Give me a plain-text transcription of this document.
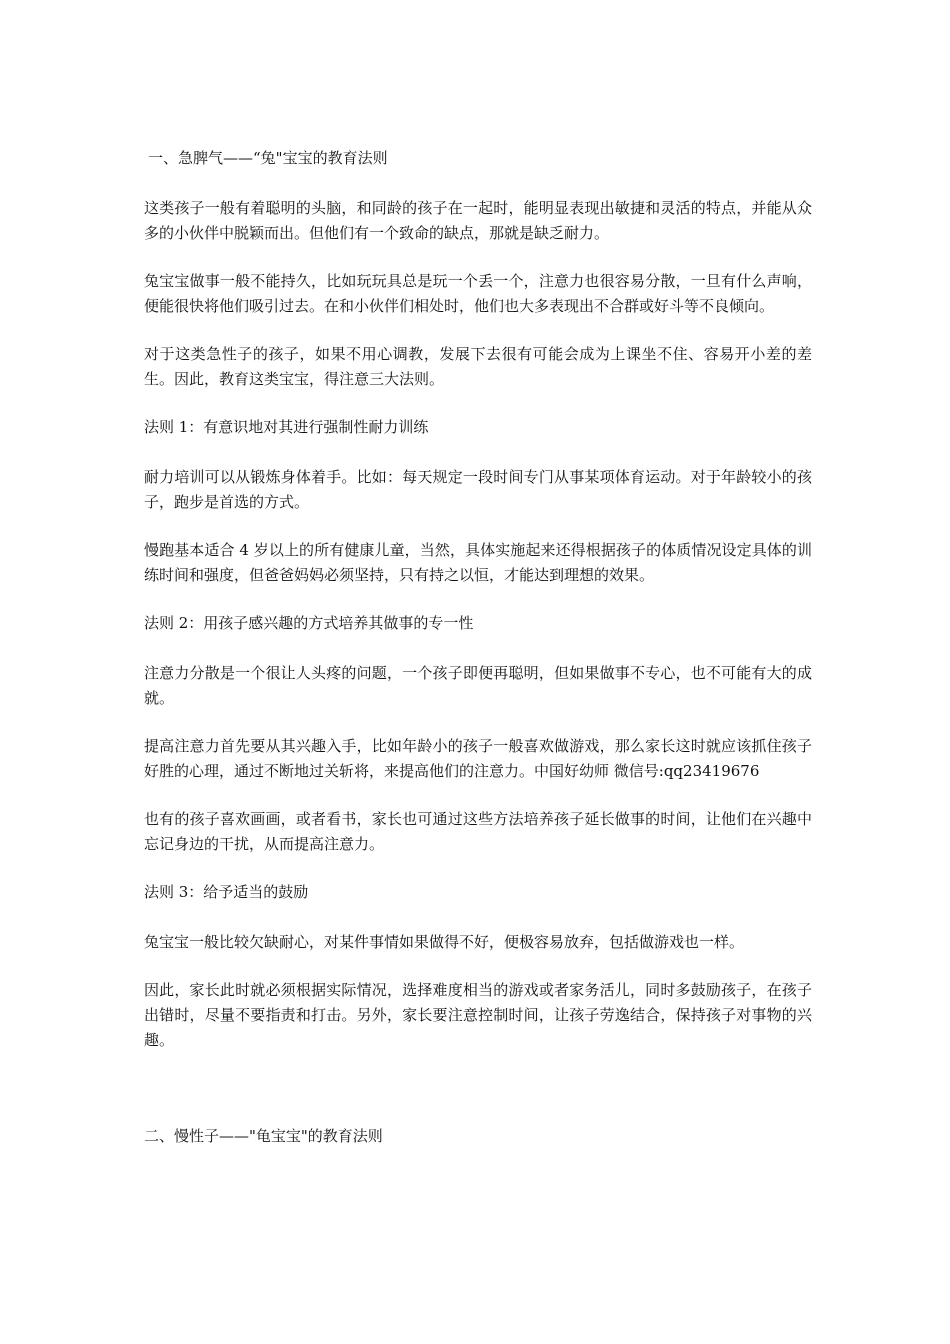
一、急脾气——“兔"宝宝的教育法则

这类孩子一般有着聪明的头脑，和同龄的孩子在一起时，能明显表现出敏捷和灵活的特点，并能从众多的小伙伴中脱颖而出。但他们有一个致命的缺点，那就是缺乏耐力。

兔宝宝做事一般不能持久，比如玩玩具总是玩一个丢一个，注意力也很容易分散，一旦有什么声响，便能很快将他们吸引过去。在和小伙伴们相处时，他们也大多表现出不合群或好斗等不良倾向。

对于这类急性子的孩子，如果不用心调教，发展下去很有可能会成为上课坐不住、容易开小差的差生。因此，教育这类宝宝，得注意三大法则。

法则 1：有意识地对其进行强制性耐力训练

耐力培训可以从锻炼身体着手。比如：每天规定一段时间专门从事某项体育运动。对于年龄较小的孩子，跑步是首选的方式。

慢跑基本适合 4 岁以上的所有健康儿童，当然，具体实施起来还得根据孩子的体质情况设定具体的训练时间和强度，但爸爸妈妈必须坚持，只有持之以恒，才能达到理想的效果。

法则 2：用孩子感兴趣的方式培养其做事的专一性

注意力分散是一个很让人头疼的问题，一个孩子即便再聪明，但如果做事不专心，也不可能有大的成就。

提高注意力首先要从其兴趣入手，比如年龄小的孩子一般喜欢做游戏，那么家长这时就应该抓住孩子好胜的心理，通过不断地过关斩将，来提高他们的注意力。中国好幼师 微信号:qq23419676

也有的孩子喜欢画画，或者看书，家长也可通过这些方法培养孩子延长做事的时间，让他们在兴趣中忘记身边的干扰，从而提高注意力。

法则 3：给予适当的鼓励

兔宝宝一般比较欠缺耐心，对某件事情如果做得不好，便极容易放弃，包括做游戏也一样。

因此，家长此时就必须根据实际情况，选择难度相当的游戏或者家务活儿，同时多鼓励孩子，在孩子出错时，尽量不要指责和打击。另外，家长要注意控制时间，让孩子劳逸结合，保持孩子对事物的兴趣。

二、慢性子——"龟宝宝"的教育法则
